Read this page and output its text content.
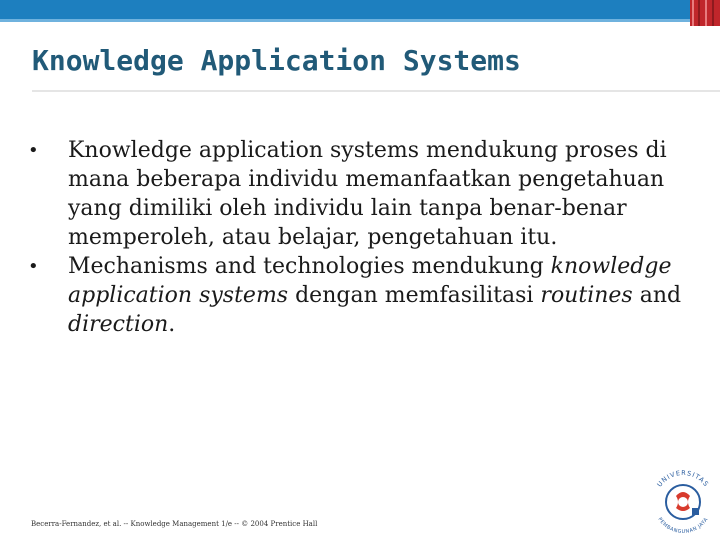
Knowledge Application Systems
• Knowledge application systems mendukung proses di mana beberapa individu memanfaatkan pengetahuan yang dimiliki oleh individu lain tanpa benar-benar memperoleh, atau belajar, pengetahuan itu.
• Mechanisms and technologies mendukung knowledge application systems dengan memfasilitasi routines and direction.
Becerra-Fernandez, et al. -- Knowledge Management 1/e -- © 2004 Prentice Hall
UNIVERSITAS
PEMBANGUNAN JAYA
